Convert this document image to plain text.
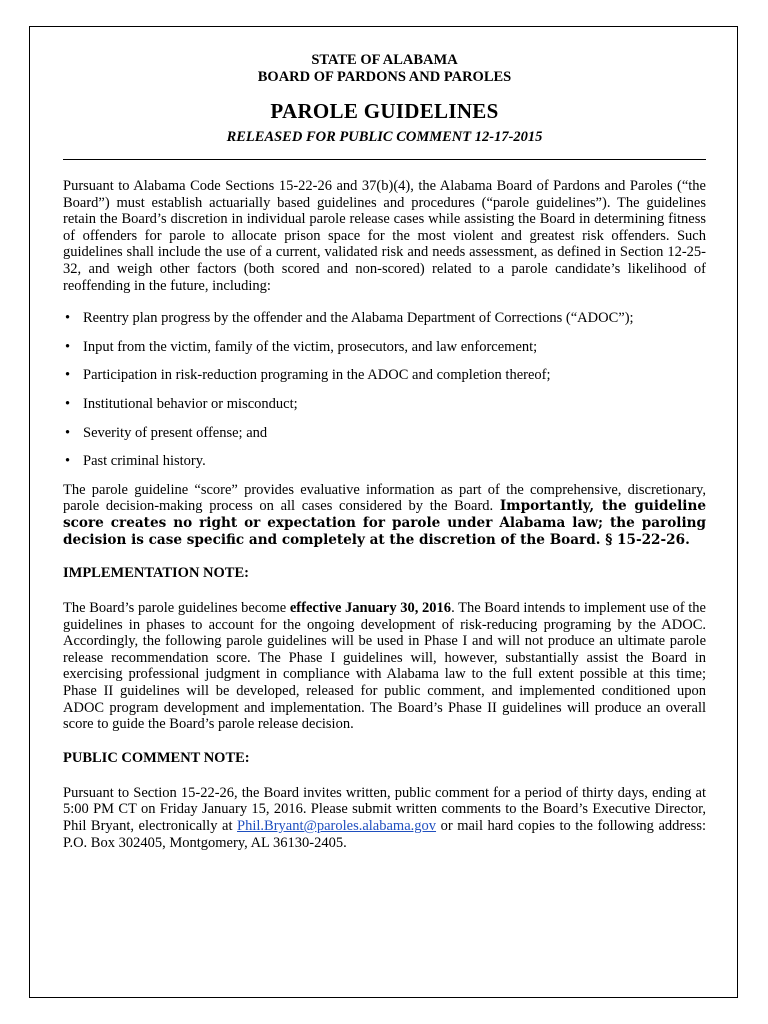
STATE OF ALABAMA

BOARD OF PARDONS AND PAROLES

PAROLE GUIDELINES

RELEASED FOR PUBLIC COMMENT 12-17-2015

Pursuant to Alabama Code Sections 15-22-26 and 37(b)(4), the Alabama Board of Pardons and Paroles (“the Board”) must establish actuarially based guidelines and procedures (“parole guidelines”). The guidelines retain the Board’s discretion in individual parole release cases while assisting the Board in determining fitness of offenders for parole to allocate prison space for the most violent and greatest risk offenders. Such guidelines shall include the use of a current, validated risk and needs assessment, as defined in Section 12-25-32, and weigh other factors (both scored and non-scored) related to a parole candidate’s likelihood of reoffending in the future, including:

• Reentry plan progress by the offender and the Alabama Department of Corrections (“ADOC”);
• Input from the victim, family of the victim, prosecutors, and law enforcement;
• Participation in risk-reduction programing in the ADOC and completion thereof;
• Institutional behavior or misconduct;
• Severity of present offense; and
• Past criminal history.

The parole guideline “score” provides evaluative information as part of the comprehensive, discretionary, parole decision-making process on all cases considered by the Board. Importantly, the guideline score creates no right or expectation for parole under Alabama law; the paroling decision is case specific and completely at the discretion of the Board. § 15-22-26.

IMPLEMENTATION NOTE:

The Board’s parole guidelines become effective January 30, 2016. The Board intends to implement use of the guidelines in phases to account for the ongoing development of risk-reducing programing by the ADOC. Accordingly, the following parole guidelines will be used in Phase I and will not produce an ultimate parole release recommendation score. The Phase I guidelines will, however, substantially assist the Board in exercising professional judgment in compliance with Alabama law to the full extent possible at this time; Phase II guidelines will be developed, released for public comment, and implemented conditioned upon ADOC program development and implementation. The Board’s Phase II guidelines will produce an overall score to guide the Board’s parole release decision.

PUBLIC COMMENT NOTE:

Pursuant to Section 15-22-26, the Board invites written, public comment for a period of thirty days, ending at 5:00 PM CT on Friday January 15, 2016. Please submit written comments to the Board’s Executive Director, Phil Bryant, electronically at Phil.Bryant@paroles.alabama.gov or mail hard copies to the following address: P.O. Box 302405, Montgomery, AL 36130-2405.
